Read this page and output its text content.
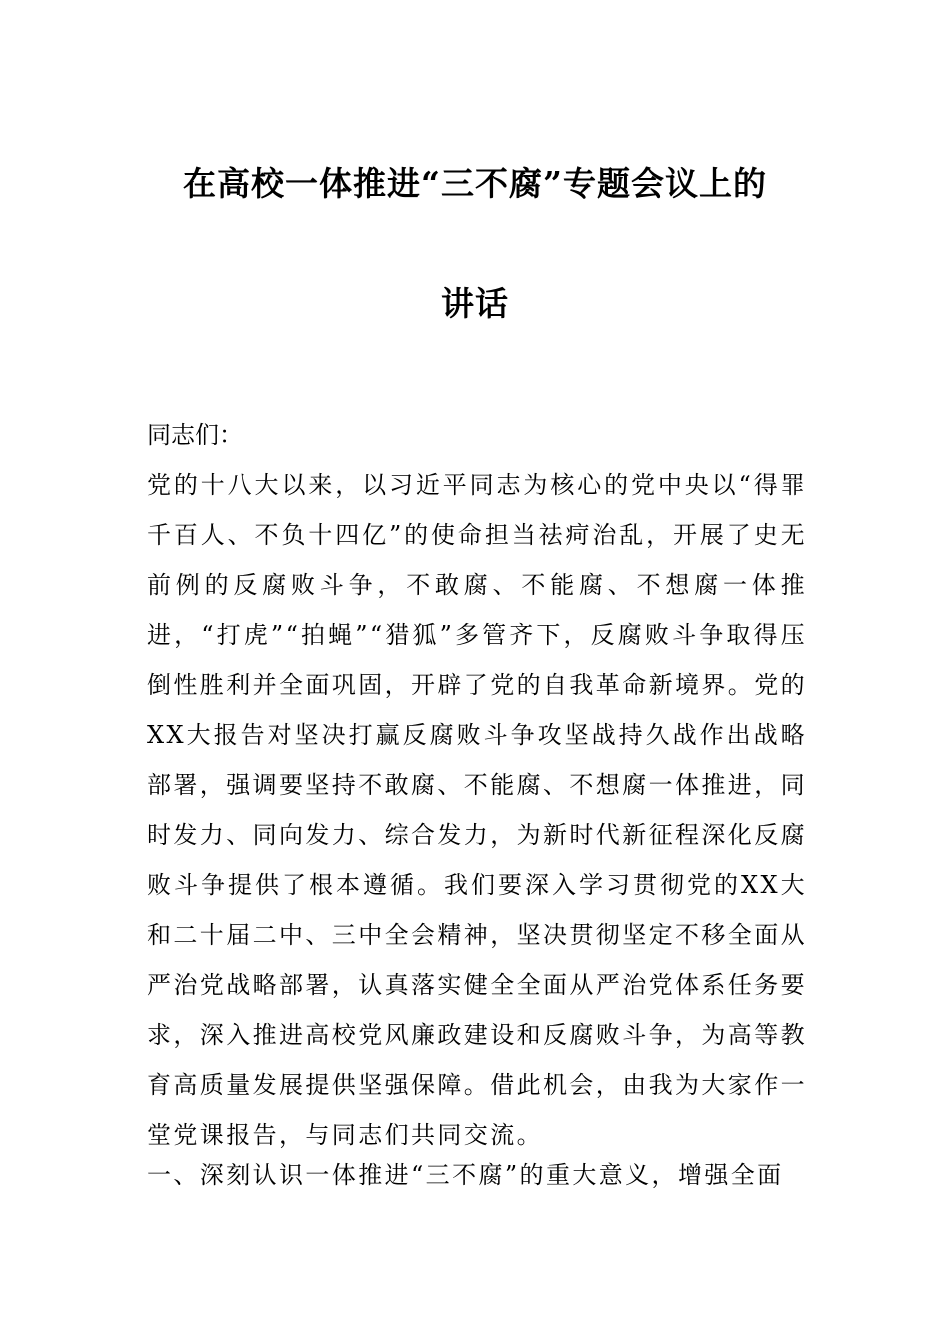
在高校一体推进“三不腐”专题会议上的
讲话
同志们：
党的十八大以来，以习近平同志为核心的党中央以“得罪千百人、不负十四亿”的使命担当祛疴治乱，开展了史无前例的反腐败斗争，不敢腐、不能腐、不想腐一体推进，“打虎”“拍蝇”“猎狐”多管齐下，反腐败斗争取得压倒性胜利并全面巩固，开辟了党的自我革命新境界。党的XX大报告对坚决打赢反腐败斗争攻坚战持久战作出战略部署，强调要坚持不敢腐、不能腐、不想腐一体推进，同时发力、同向发力、综合发力，为新时代新征程深化反腐败斗争提供了根本遵循。我们要深入学习贯彻党的XX大和二十届二中、三中全会精神，坚决贯彻坚定不移全面从严治党战略部署，认真落实健全全面从严治党体系任务要求，深入推进高校党风廉政建设和反腐败斗争，为高等教育高质量发展提供坚强保障。借此机会，由我为大家作一堂党课报告，与同志们共同交流。
一、深刻认识一体推进“三不腐”的重大意义，增强全面
